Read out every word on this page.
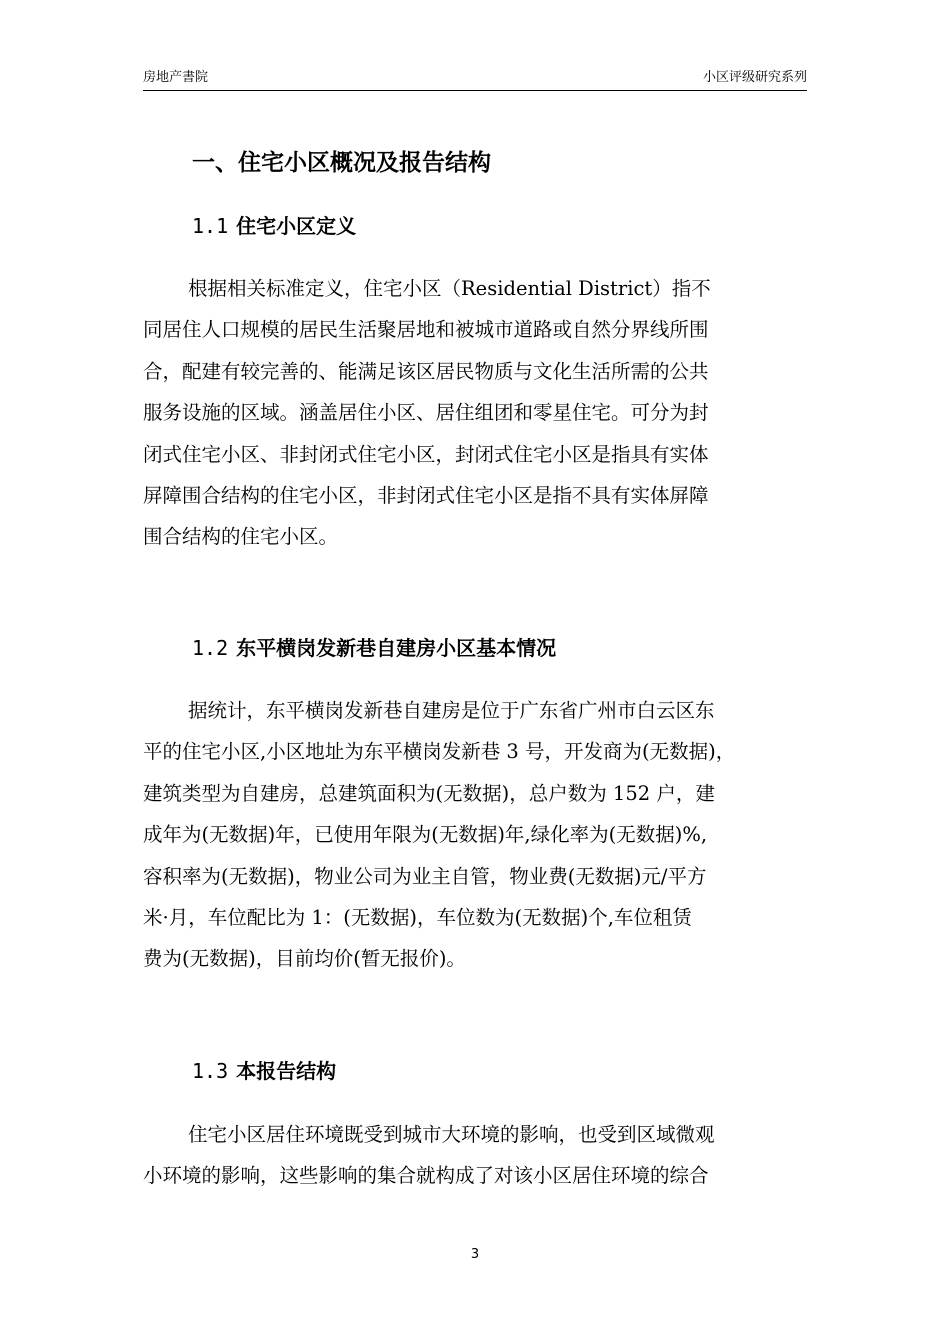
房地产書院	小区评级研究系列
一、住宅小区概况及报告结构
1.1 住宅小区定义
根据相关标准定义，住宅小区（Residential District）指不
同居住人口规模的居民生活聚居地和被城市道路或自然分界线所围
合，配建有较完善的、能满足该区居民物质与文化生活所需的公共
服务设施的区域。涵盖居住小区、居住组团和零星住宅。可分为封
闭式住宅小区、非封闭式住宅小区，封闭式住宅小区是指具有实体
屏障围合结构的住宅小区，非封闭式住宅小区是指不具有实体屏障
围合结构的住宅小区。
1.2 东平横岗发新巷自建房小区基本情况
据统计，东平横岗发新巷自建房是位于广东省广州市白云区东
平的住宅小区,小区地址为东平横岗发新巷 3 号，开发商为(无数据)，
建筑类型为自建房，总建筑面积为(无数据)，总户数为 152 户，建
成年为(无数据)年，已使用年限为(无数据)年,绿化率为(无数据)%,
容积率为(无数据)，物业公司为业主自管，物业费(无数据)元/平方
米·月，车位配比为 1：(无数据)，车位数为(无数据)个,车位租赁
费为(无数据)，目前均价(暂无报价)。
1.3 本报告结构
住宅小区居住环境既受到城市大环境的影响，也受到区域微观
小环境的影响，这些影响的集合就构成了对该小区居住环境的综合
3
